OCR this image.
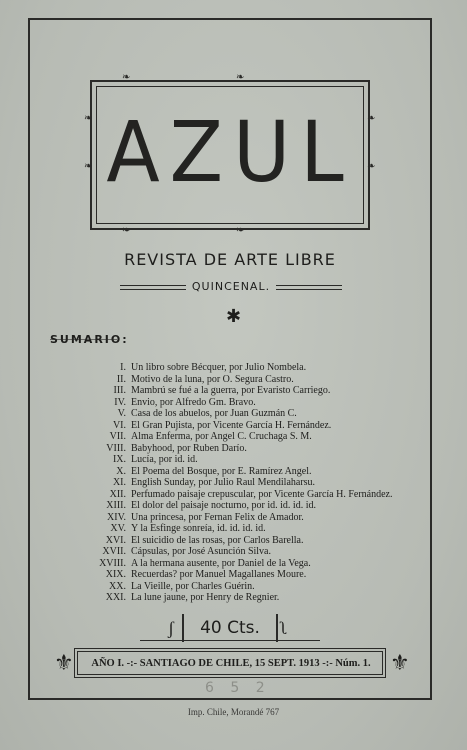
❧	❧
❧	❧
❧
❧
❧
❧
AZUL
REVISTA DE ARTE LIBRE
QUINCENAL.
✱
SUMARIO:
I. Un libro sobre Bécquer, por Julio Nombela.
II. Motivo de la luna, por O. Segura Castro.
III. Mambrú se fué a la guerra, por Evaristo Carriego.
IV. Envio, por Alfredo Gm. Bravo.
V. Casa de los abuelos, por Juan Guzmán C.
VI. El Gran Pujista, por Vicente García H. Fernández.
VII. Alma Enferma, por Angel C. Cruchaga S. M.
VIII. Babyhood, por Ruben Darío.
IX. Lucía, por id. id.
X. El Poema del Bosque, por E. Ramírez Angel.
XI. English Sunday, por Julio Raul Mendilaharsu.
XII. Perfumado paisaje crepuscular, por Vicente García H. Fernández.
XIII. El dolor del paisaje nocturno, por id. id. id. id.
XIV. Una princesa, por Fernan Felix de Amador.
XV. Y la Esfinge sonreía, id. id. id. id.
XVI. El suicidio de las rosas, por Carlos Barella.
XVII. Cápsulas, por José Asunción Silva.
XVIII. A la hermana ausente, por Daniel de la Vega.
XIX. Recuerdas? por Manuel Magallanes Moure.
XX. La Vieille, por Charles Guérin.
XXI. La lune jaune, por Henry de Regnier.
ʃ	40 Cts.	ʅ
⚜	AÑO I. -:- SANTIAGO DE CHILE, 15 SEPT. 1913 -:- Núm. 1. ⚜
6 5 2
Imp. Chile, Morandé 767
